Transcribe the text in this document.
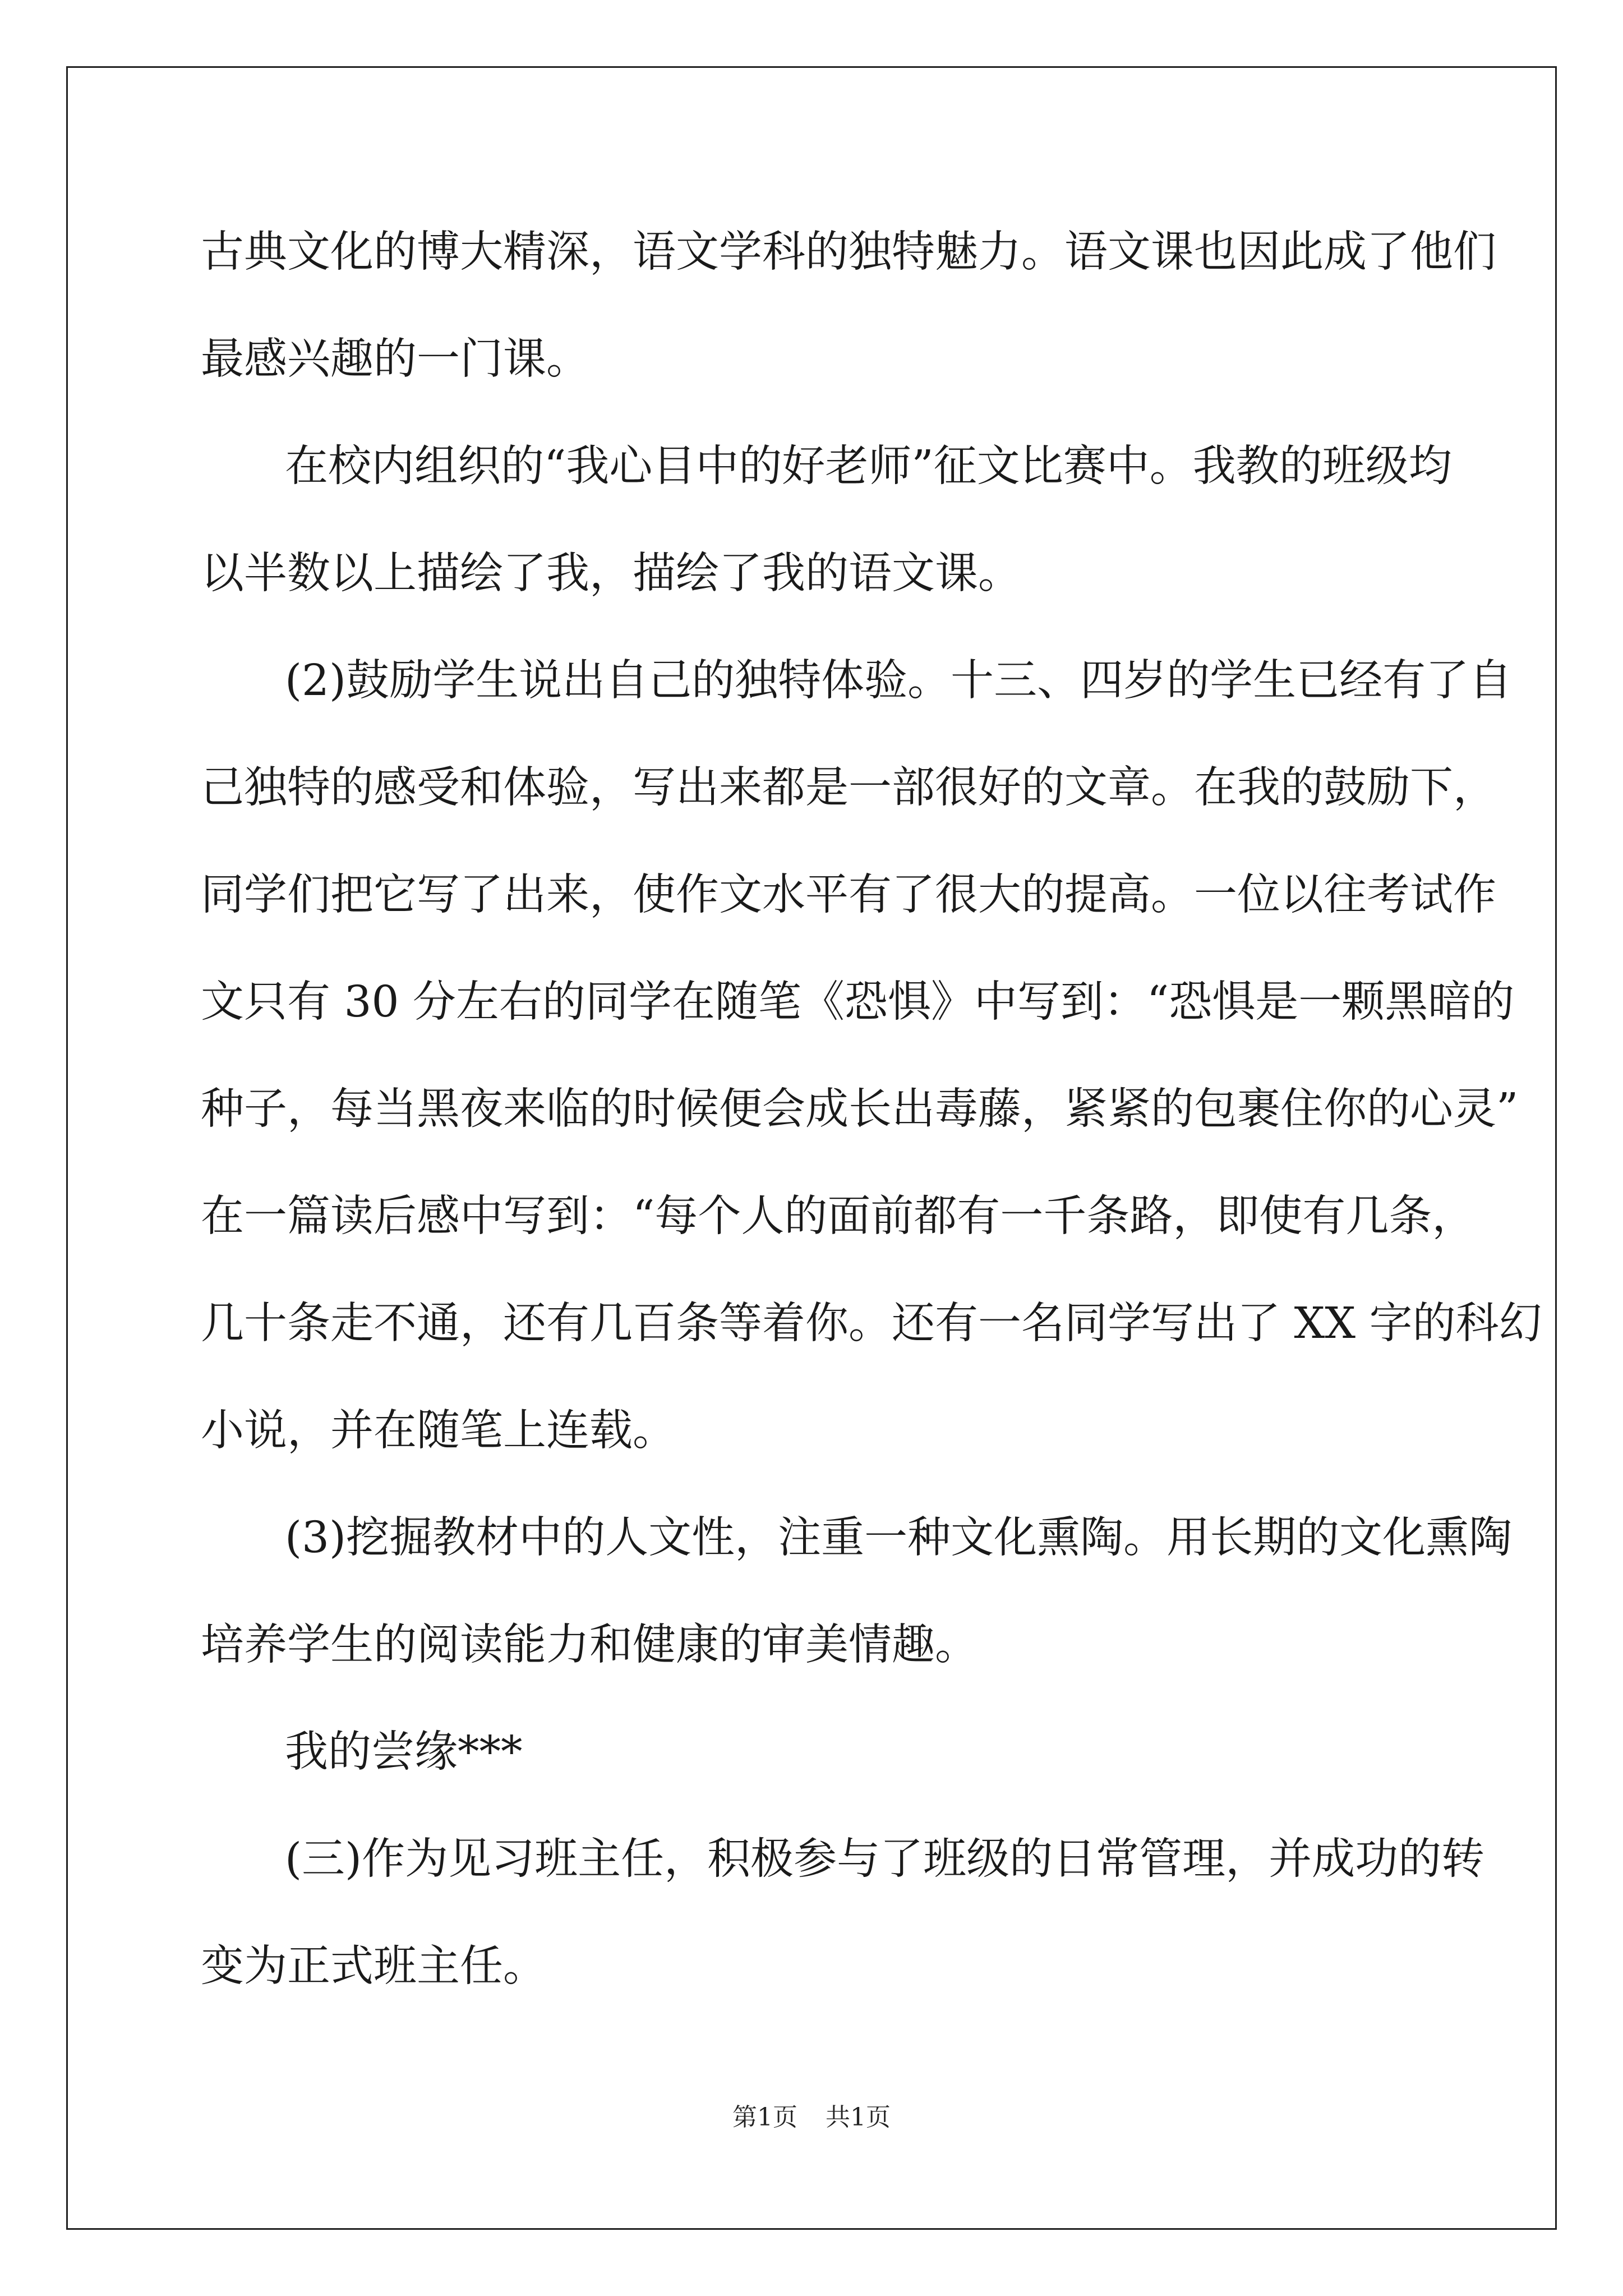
古典文化的博大精深，语文学科的独特魅力。语文课也因此成了他们
最感兴趣的一门课。
在校内组织的“我心目中的好老师”征文比赛中。我教的班级均
以半数以上描绘了我，描绘了我的语文课。
(2)鼓励学生说出自己的独特体验。十三、四岁的学生已经有了自
己独特的感受和体验，写出来都是一部很好的文章。在我的鼓励下，
同学们把它写了出来，使作文水平有了很大的提高。一位以往考试作
文只有 30 分左右的同学在随笔《恐惧》中写到：“恐惧是一颗黑暗的
种子，每当黑夜来临的时候便会成长出毒藤，紧紧的包裹住你的心灵”
在一篇读后感中写到：“每个人的面前都有一千条路，即使有几条，
几十条走不通，还有几百条等着你。还有一名同学写出了 XX 字的科幻
小说，并在随笔上连载。
(3)挖掘教材中的人文性，注重一种文化熏陶。用长期的文化熏陶
培养学生的阅读能力和健康的审美情趣。
我的尝缘***
(三)作为见习班主任，积极参与了班级的日常管理，并成功的转
变为正式班主任。
第1页 共1页
